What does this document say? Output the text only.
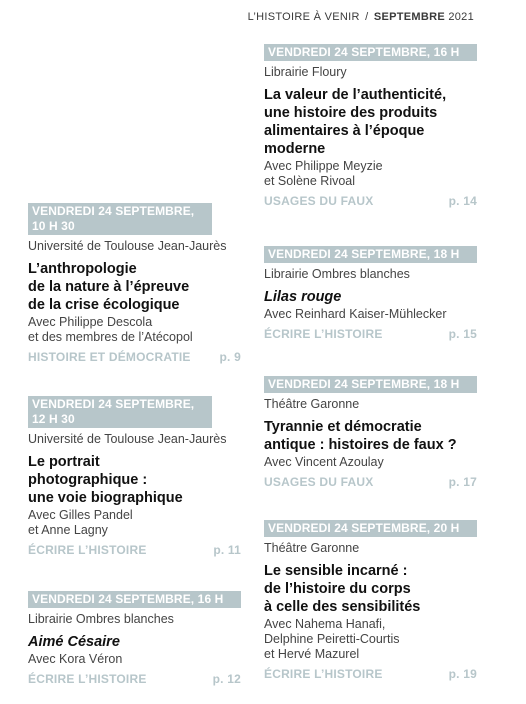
L’HISTOIRE À VENIR / SEPTEMBRE 2021
VENDREDI 24 SEPTEMBRE,
10 H 30
Université de Toulouse Jean-Jaurès
L’anthropologie
de la nature à l’épreuve
de la crise écologique
Avec Philippe Descola
et des membres de l’Atécopol
HISTOIRE ET DÉMOCRATIE p. 9
VENDREDI 24 SEPTEMBRE,
12 H 30
Université de Toulouse Jean-Jaurès
Le portrait
photographique :
une voie biographique
Avec Gilles Pandel
et Anne Lagny
ÉCRIRE L’HISTOIRE	p. 11
VENDREDI 24 SEPTEMBRE, 16 H
Librairie Ombres blanches
Aimé Césaire
Avec Kora Véron
ÉCRIRE L’HISTOIRE	p. 12
VENDREDI 24 SEPTEMBRE, 16 H
Librairie Floury
La valeur de l’authenticité,
une histoire des produits
alimentaires à l’époque
moderne
Avec Philippe Meyzie
et Solène Rivoal
USAGES DU FAUX	p. 14
VENDREDI 24 SEPTEMBRE, 18 H
Librairie Ombres blanches
Lilas rouge
Avec Reinhard Kaiser-Mühlecker
ÉCRIRE L’HISTOIRE	p. 15
VENDREDI 24 SEPTEMBRE, 18 H
Théâtre Garonne
Tyrannie et démocratie
antique : histoires de faux ?
Avec Vincent Azoulay
USAGES DU FAUX	p. 17
VENDREDI 24 SEPTEMBRE, 20 H
Théâtre Garonne
Le sensible incarné :
de l’histoire du corps
à celle des sensibilités
Avec Nahema Hanafi,
Delphine Peiretti-Courtis
et Hervé Mazurel
ÉCRIRE L’HISTOIRE	p. 19
